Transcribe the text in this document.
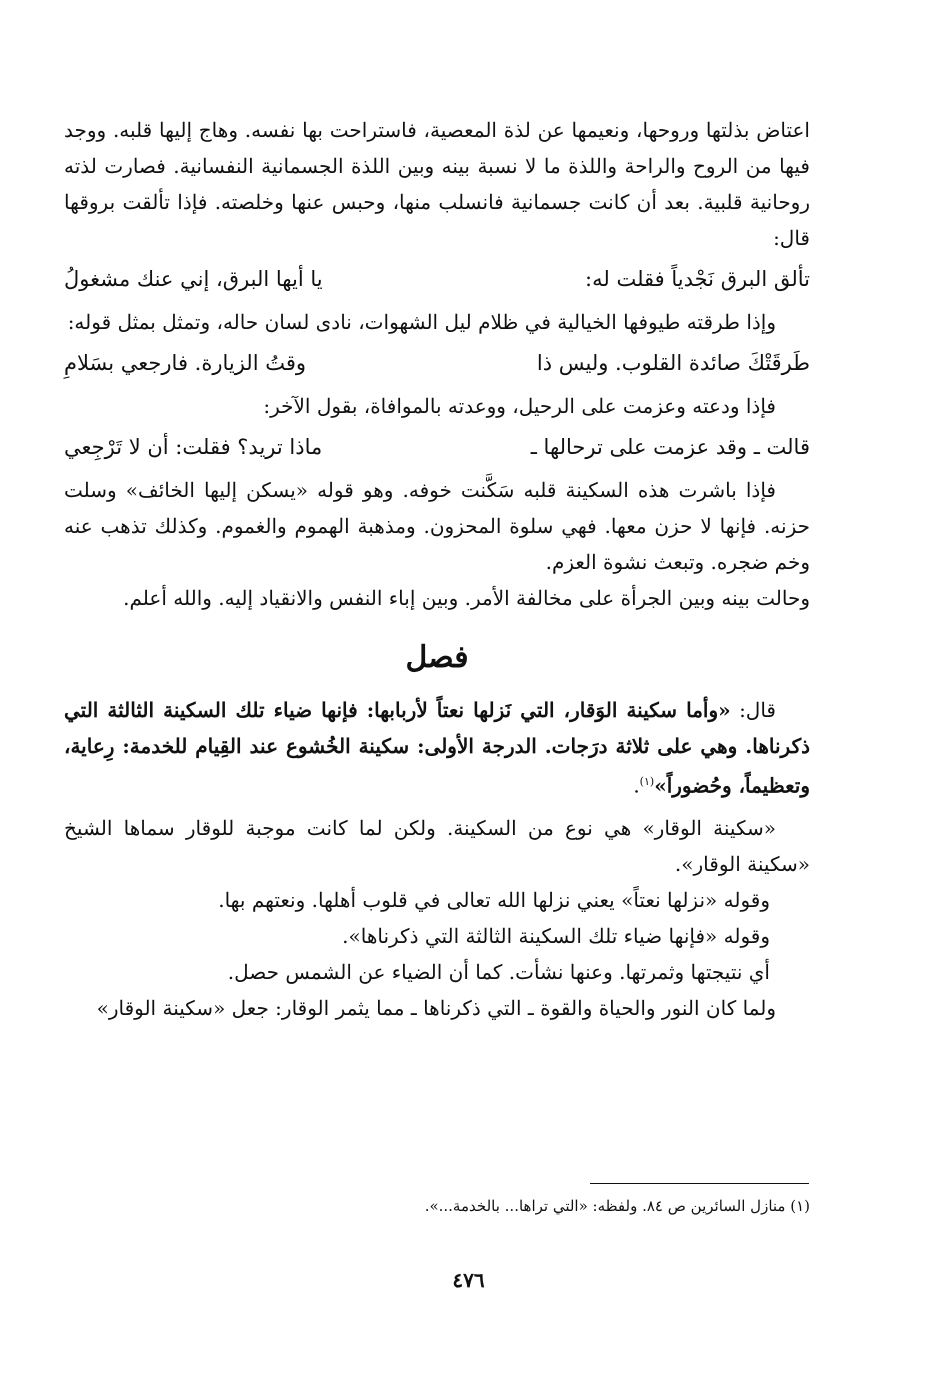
اعتاض بذلتها وروحها، ونعيمها عن لذة المعصية، فاستراحت بها نفسه. وهاج إليها قلبه. ووجد فيها من الروح والراحة واللذة ما لا نسبة بينه وبين اللذة الجسمانية النفسانية. فصارت لذته روحانية قلبية. بعد أن كانت جسمانية فانسلب منها، وحبس عنها وخلصته. فإذا تألقت بروقها قال:

تألق البرق نَجْدياً فقلت له:
يا أيها البرق، إني عنك مشغولُ

وإذا طرقته طيوفها الخيالية في ظلام ليل الشهوات، نادى لسان حاله، وتمثل بمثل قوله:

طَرقَتْكَ صائدة القلوب. وليس ذا
وقتُ الزيارة. فارجعي بسَلامِ

فإذا ودعته وعزمت على الرحيل، ووعدته بالموافاة، بقول الآخر:

قالت ـ وقد عزمت على ترحالها ـ
ماذا تريد؟ فقلت: أن لا تَرْجِعي

فإذا باشرت هذه السكينة قلبه سَكَّنت خوفه. وهو قوله «يسكن إليها الخائف» وسلت حزنه. فإنها لا حزن معها. فهي سلوة المحزون. ومذهبة الهموم والغموم. وكذلك تذهب عنه وخم ضجره. وتبعث نشوة العزم.

وحالت بينه وبين الجرأة على مخالفة الأمر. وبين إباء النفس والانقياد إليه. والله أعلم.

فصل

قال: «وأما سكينة الوَقار، التي نَزلها نعتاً لأربابها: فإنها ضياء تلك السكينة الثالثة التي ذكرناها. وهي على ثلاثة درَجات. الدرجة الأولى: سكينة الخُشوع عند القِيام للخدمة: رِعاية، وتعظيماً، وحُضوراً»$^{(١)}$.

«سكينة الوقار» هي نوع من السكينة. ولكن لما كانت موجبة للوقار سماها الشيخ «سكينة الوقار».

وقوله «نزلها نعتاً» يعني نزلها الله تعالى في قلوب أهلها. ونعتهم بها.

وقوله «فإنها ضياء تلك السكينة الثالثة التي ذكرناها».

أي نتيجتها وثمرتها. وعنها نشأت. كما أن الضياء عن الشمس حصل.

ولما كان النور والحياة والقوة ـ التي ذكرناها ـ مما يثمر الوقار: جعل «سكينة الوقار»

(١) منازل السائرين ص ٨٤. ولفظه: «التي تراها... بالخدمة...».
٤٧٦
